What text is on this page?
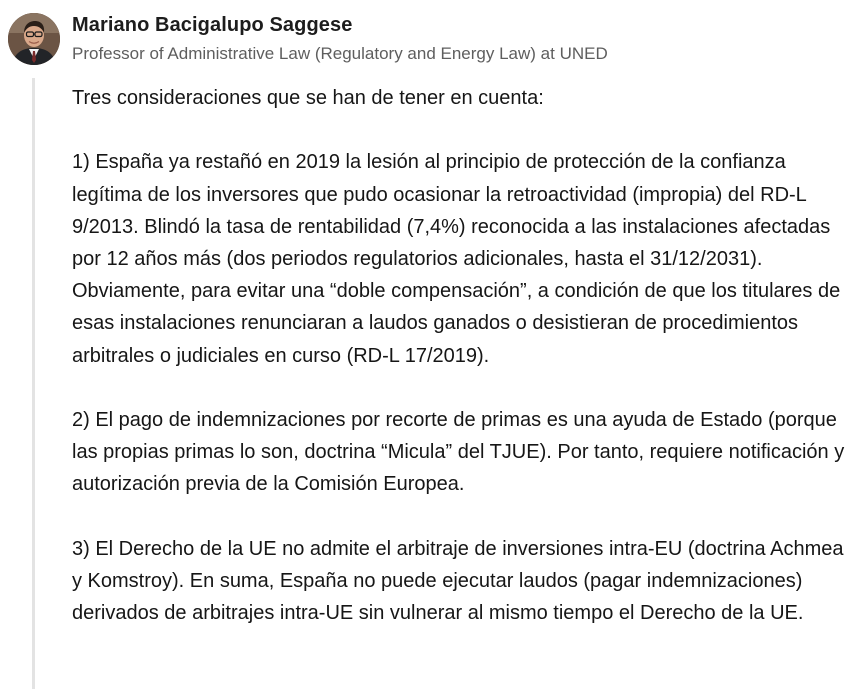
Mariano Bacigalupo Saggese
Professor of Administrative Law (Regulatory and Energy Law) at UNED

Tres consideraciones que se han de tener en cuenta:

1) España ya restañó en 2019 la lesión al principio de protección de la confianza legítima de los inversores que pudo ocasionar la retroactividad (impropia) del RD-L 9/2013. Blindó la tasa de rentabilidad (7,4%) reconocida a las instalaciones afectadas por 12 años más (dos periodos regulatorios adicionales, hasta el 31/12/2031). Obviamente, para evitar una “doble compensación”, a condición de que los titulares de esas instalaciones renunciaran a laudos ganados o desistieran de procedimientos arbitrales o judiciales en curso (RD-L 17/2019).

2) El pago de indemnizaciones por recorte de primas es una ayuda de Estado (porque las propias primas lo son, doctrina “Micula” del TJUE). Por tanto, requiere notificación y autorización previa de la Comisión Europea.

3) El Derecho de la UE no admite el arbitraje de inversiones intra-EU (doctrina Achmea y Komstroy). En suma, España no puede ejecutar laudos (pagar indemnizaciones) derivados de arbitrajes intra-UE sin vulnerar al mismo tiempo el Derecho de la UE.
